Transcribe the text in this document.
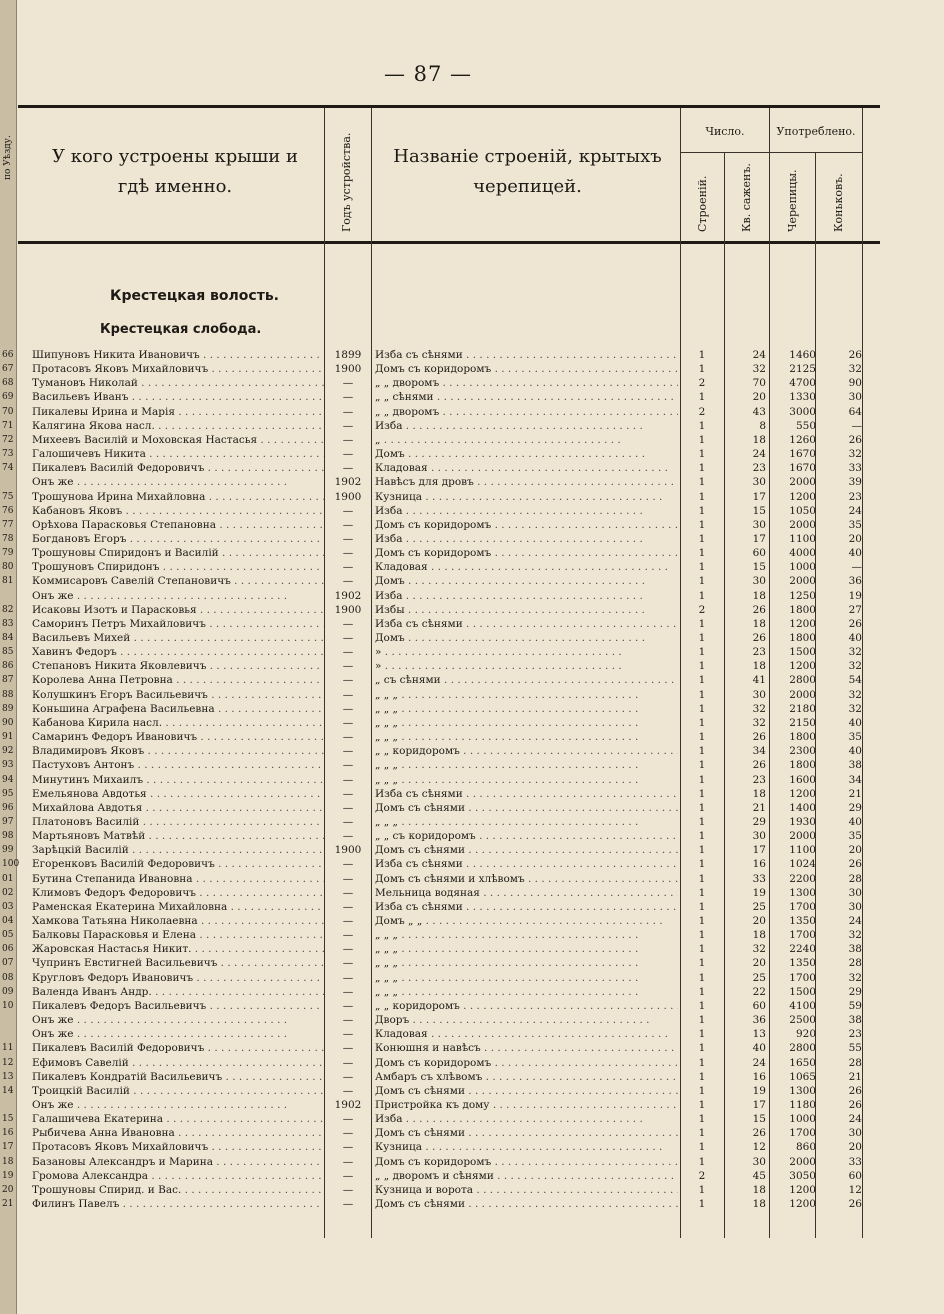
по Уѣзду.
— 87 —
У кого устроены крыши и гдѣ именно.	Годъ устройства.	Названіе строеній, крытыхъ черепицей.
Число.	Употреблено.
Строеній.	Кв. саженъ.	Черепицы.	Коньковъ.
Крестецкая волость.
Крестецкая слобода.
66 Шипуновъ Никита Ивановичъ . . .	1899	Изба съ сѣнями . . .	1	24	1460	26
67 Протасовъ Яковъ Михайловичъ . . .	1900	Домъ съ коридоромъ . . .	1	32	2125	32
68 Тумановъ Николай . . .	—	„ „ дворомъ . . .	2	70	4700	90
69 Васильевъ Иванъ . . .	—	„ „ сѣнями . . .	1	20	1330	30
70 Пикалевы Ирина и Марія . . .	—	„ „ дворомъ . . .	2	43	3000	64
71 Калягина Якова насл. . . .	—	Изба . . .	1	8	550	—
72 Михеевъ Василій и Моховская Настасья . . .	—	„ . . .	1	18	1260	26
73 Галошичевъ Никита . . .	—	Домъ . . .	1	24	1670	32
74 Пикалевъ Василій Федоровичъ . . .	—	Кладовая . . .	1	23	1670	33
Онъ же . . .	1902	Навѣсъ для дровъ . . .	1	30	2000	39
75 Трошунова Ирина Михайловна . . .	1900	Кузница . . .	1	17	1200	23
76 Кабановъ Яковъ . . .	—	Изба . . .	1	15	1050	24
77 Орѣхова Парасковья Степановна . . .	—	Домъ съ коридоромъ . . .	1	30	2000	35
78 Богдановъ Егоръ . . .	—	Изба . . .	1	17	1100	20
79 Трошуновы Спиридонъ и Василій . . .	—	Домъ съ коридоромъ . . .	1	60	4000	40
80 Трошуновъ Спиридонъ . . .	—	Кладовая . . .	1	15	1000	—
81 Коммисаровъ Савелій Степановичъ . . .	—	Домъ . . .	1	30	2000	36
Онъ же . . .	1902	Изба . . .	1	18	1250	19
82 Исаковы Изотъ и Парасковья . . .	1900	Избы . . .	2	26	1800	27
83 Саморинъ Петръ Михайловичъ . . .	—	Изба съ сѣнями . . .	1	18	1200	26
84 Васильевъ Михей . . .	—	Домъ . . .	1	26	1800	40
85 Хавинъ Федоръ . . .	—	» . . .	1	23	1500	32
86 Степановъ Никита Яковлевичъ . . .	—	» . . .	1	18	1200	32
87 Королева Анна Петровна . . .	—	„ съ сѣнями . . .	1	41	2800	54
88 Колушкинъ Егоръ Васильевичъ . . .	—	„ „ „ . . .	1	30	2000	32
89 Коньшина Аграфена Васильевна . . .	—	„ „ „ . . .	1	32	2180	32
90 Кабанова Кирила насл. . . .	—	„ „ „ . . .	1	32	2150	40
91 Самаринъ Федоръ Ивановичъ . . .	—	„ „ „ . . .	1	26	1800	35
92 Владимировъ Яковъ . . .	—	„ „ коридоромъ . . .	1	34	2300	40
93 Пастуховъ Антонъ . . .	—	„ „ „ . . .	1	26	1800	38
94 Минутинъ Михаилъ . . .	—	„ „ „ . . .	1	23	1600	34
95 Емельянова Авдотья . . .	—	Изба съ сѣнями . . .	1	18	1200	21
96 Михайлова Авдотья . . .	—	Домъ съ сѣнями . . .	1	21	1400	29
97 Платоновъ Василій . . .	—	„ „ „ . . .	1	29	1930	40
98 Мартьяновъ Матвѣй . . .	—	„ „ съ коридоромъ . . .	1	30	2000	35
99 Зарѣцкій Василій . . .	1900	Домъ съ сѣнями . . .	1	17	1100	20
100 Егоренковъ Василій Федоровичъ . . .	—	Изба съ сѣнями . . .	1	16	1024	26
01 Бутина Степанида Ивановна . . .	—	Домъ съ сѣнями и хлѣвомъ . . .	1	33	2200	28
02 Климовъ Федоръ Федоровичъ . . .	—	Мельница водяная . . .	1	19	1300	30
03 Раменская Екатерина Михайловна . . .	—	Изба съ сѣнями . . .	1	25	1700	30
04 Хамкова Татьяна Николаевна . . .	—	Домъ „ „ . . .	1	20	1350	24
05 Балковы Парасковья и Елена . . .	—	„ „ „ . . .	1	18	1700	32
06 Жаровская Настасья Никит. . . .	—	„ „ „ . . .	1	32	2240	38
07 Чупринъ Евстигней Васильевичъ . . .	—	„ „ „ . . .	1	20	1350	28
08 Кругловъ Федоръ Ивановичъ . . .	—	„ „ „ . . .	1	25	1700	32
09 Валенда Иванъ Андр. . . .	—	„ „ „ . . .	1	22	1500	29
10 Пикалевъ Федоръ Васильевичъ . . .	—	„ „ коридоромъ . . .	1	60	4100	59
Онъ же . . .	—	Дворъ . . .	1	36	2500	38
Онъ же . . .	—	Кладовая . . .	1	13	920	23
11 Пикалевъ Василій Федоровичъ . . .	—	Конюшня и навѣсъ . . .	1	40	2800	55
12 Ефимовъ Савелій . . .	—	Домъ съ коридоромъ . . .	1	24	1650	28
13 Пикалевъ Кондратій Васильевичъ . . .	—	Амбаръ съ хлѣвомъ . . .	1	16	1065	21
14 Троицкій Василій . . .	—	Домъ съ сѣнями . . .	1	19	1300	26
Онъ же . . .	1902	Пристройка къ дому . . .	1	17	1180	26
15 Галашичева Екатерина . . .	—	Изба . . .	1	15	1000	24
16 Рыбичева Анна Ивановна . . .	—	Домъ съ сѣнями . . .	1	26	1700	30
17 Протасовъ Яковъ Михайловичъ . . .	—	Кузница . . .	1	12	860	20
18 Базановы Александръ и Марина . . .	—	Домъ съ коридоромъ . . .	1	30	2000	33
19 Громова Александра . . .	—	„ „ дворомъ и сѣнями . . .	2	45	3050	60
20 Трошуновы Спирид. и Вас. . . .	—	Кузница и ворота . . .	1	18	1200	12
21 Филинъ Павелъ . . .	—	Домъ съ сѣнями . . .	1	18	1200	26
